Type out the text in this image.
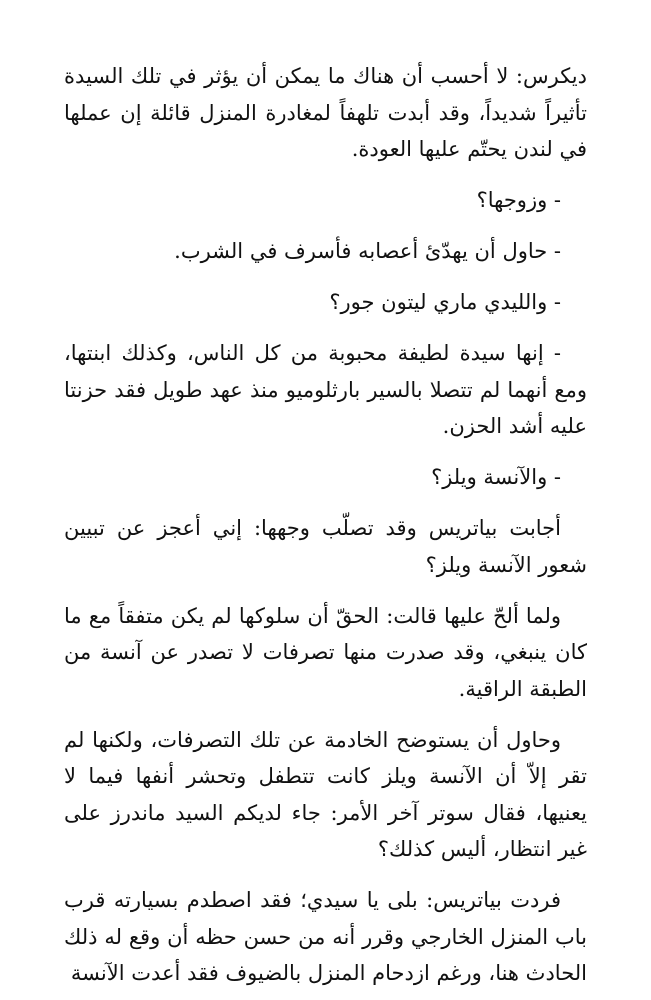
ديكرس: لا أحسب أن هناك ما يمكن أن يؤثر في تلك السيدة تأثيراً شديداً، وقد أبدت تلهفاً لمغادرة المنزل قائلة إن عملها في لندن يحتّم عليها العودة.

- وزوجها؟

- حاول أن يهدّئ أعصابه فأسرف في الشرب.

- والليدي ماري ليتون جور؟

- إنها سيدة لطيفة محبوبة من كل الناس، وكذلك ابنتها، ومع أنهما لم تتصلا بالسير بارثلوميو منذ عهد طويل فقد حزنتا عليه أشد الحزن.

- والآنسة ويلز؟

أجابت بياتريس وقد تصلّب وجهها: إني أعجز عن تبيين شعور الآنسة ويلز؟

ولما ألحّ عليها قالت: الحقّ أن سلوكها لم يكن متفقاً مع ما كان ينبغي، وقد صدرت منها تصرفات لا تصدر عن آنسة من الطبقة الراقية.

وحاول أن يستوضح الخادمة عن تلك التصرفات، ولكنها لم تقر إلاّ أن الآنسة ويلز كانت تتطفل وتحشر أنفها فيما لا يعنيها، فقال سوتر آخر الأمر: جاء لديكم السيد ماندرز على غير انتظار، أليس كذلك؟

فردت بياتريس: بلى يا سيدي؛ فقد اصطدم بسيارته قرب باب المنزل الخارجي وقرر أنه من حسن حظه أن وقع له ذلك الحادث هنا، ورغم ازدحام المنزل بالضيوف فقد أعدت الآنسة
